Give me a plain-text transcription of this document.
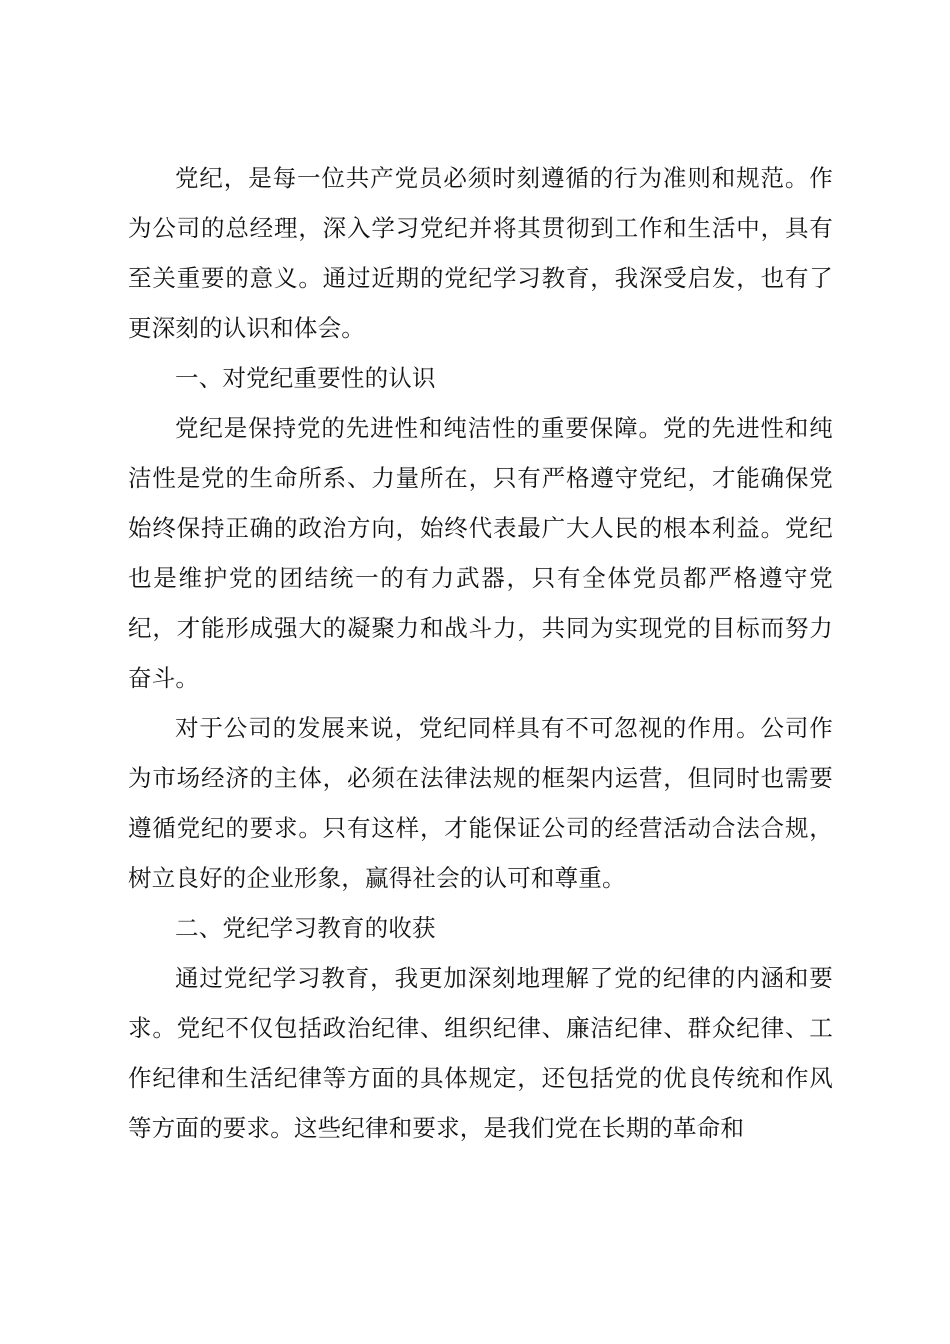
党纪，是每一位共产党员必须时刻遵循的行为准则和规范。作为公司的总经理，深入学习党纪并将其贯彻到工作和生活中，具有至关重要的意义。通过近期的党纪学习教育，我深受启发，也有了更深刻的认识和体会。

一、对党纪重要性的认识

党纪是保持党的先进性和纯洁性的重要保障。党的先进性和纯洁性是党的生命所系、力量所在，只有严格遵守党纪，才能确保党始终保持正确的政治方向，始终代表最广大人民的根本利益。党纪也是维护党的团结统一的有力武器，只有全体党员都严格遵守党纪，才能形成强大的凝聚力和战斗力，共同为实现党的目标而努力奋斗。

对于公司的发展来说，党纪同样具有不可忽视的作用。公司作为市场经济的主体，必须在法律法规的框架内运营，但同时也需要遵循党纪的要求。只有这样，才能保证公司的经营活动合法合规，树立良好的企业形象，赢得社会的认可和尊重。

二、党纪学习教育的收获

通过党纪学习教育，我更加深刻地理解了党的纪律的内涵和要求。党纪不仅包括政治纪律、组织纪律、廉洁纪律、群众纪律、工作纪律和生活纪律等方面的具体规定，还包括党的优良传统和作风等方面的要求。这些纪律和要求，是我们党在长期的革命和
